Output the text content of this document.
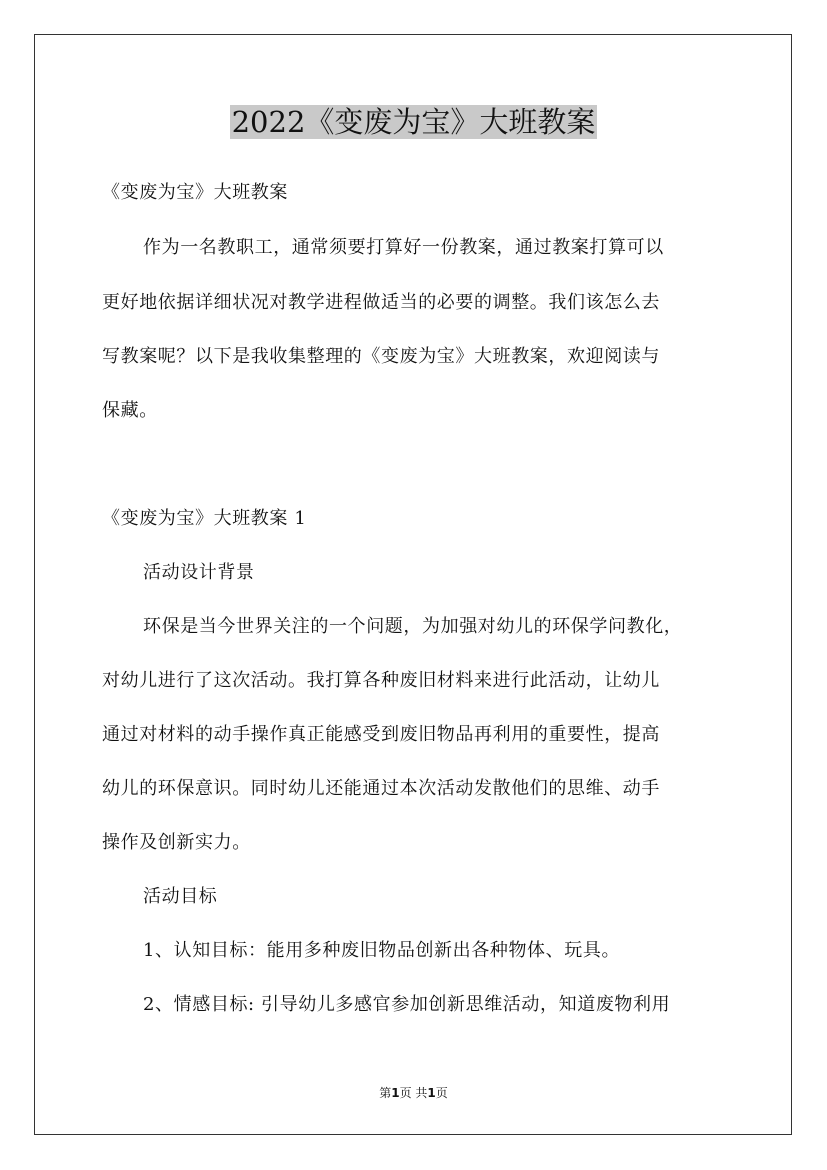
2022《变废为宝》大班教案
《变废为宝》大班教案
作为一名教职工，通常须要打算好一份教案，通过教案打算可以
更好地依据详细状况对教学进程做适当的必要的调整。我们该怎么去
写教案呢？以下是我收集整理的《变废为宝》大班教案，欢迎阅读与
保藏。
《变废为宝》大班教案 1
活动设计背景
环保是当今世界关注的一个问题，为加强对幼儿的环保学问教化，
对幼儿进行了这次活动。我打算各种废旧材料来进行此活动，让幼儿
通过对材料的动手操作真正能感受到废旧物品再利用的重要性，提高
幼儿的环保意识。同时幼儿还能通过本次活动发散他们的思维、动手
操作及创新实力。
活动目标
1、认知目标：能用多种废旧物品创新出各种物体、玩具。
2、情感目标: 引导幼儿多感官参加创新思维活动，知道废物利用
第1页 共1页
